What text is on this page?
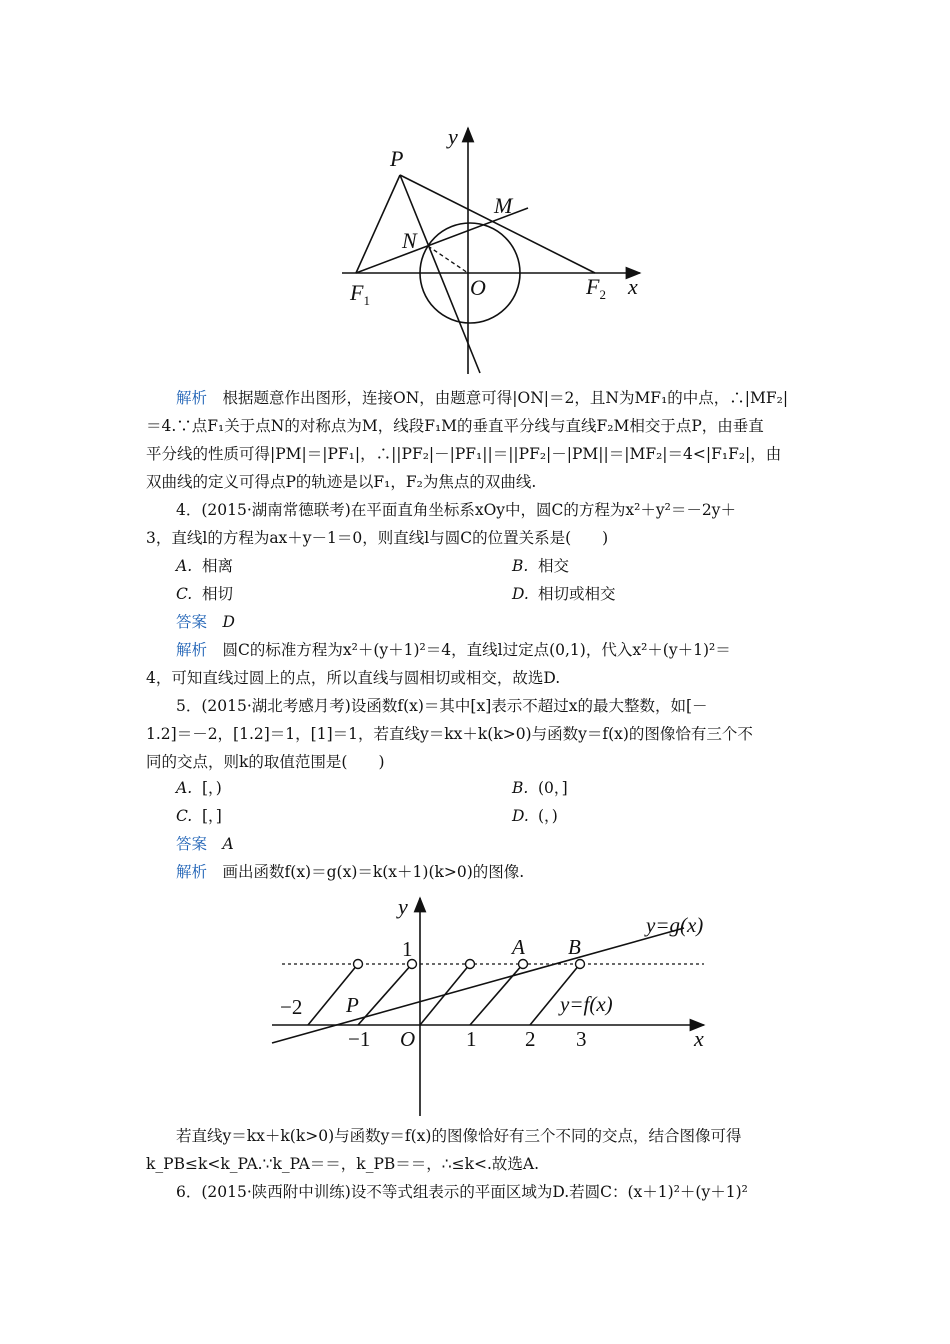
y
P
M
N
O	x
$F_1$
$F_2$

解析　 根据题意作出图形，连接ON，由题意可得|ON|＝2，且N为MF₁的中点，∴|MF₂|
＝4.∵点F₁关于点N的对称点为M，线段F₁M的垂直平分线与直线F₂M相交于点P，由垂直
平分线的性质可得|PM|＝|PF₁|，∴||PF₂|－|PF₁||＝||PF₂|－|PM||＝|MF₂|＝4<|F₁F₂|，由
双曲线的定义可得点P的轨迹是以F₁，F₂为焦点的双曲线.

4．(2015·湖南常德联考)在平面直角坐标系xOy中，圆C的方程为x²＋y²＝－2y＋
3，直线l的方程为ax＋y－1＝0，则直线l与圆C的位置关系是(　　)

A. 相离	B. 相交
C. 相切	D. 相切或相交
答案　 D

解析　 圆C的标准方程为x²＋(y＋1)²＝4，直线l过定点(0,1)，代入x²＋(y＋1)²＝
4，可知直线过圆上的点，所以直线与圆相切或相交，故选D.

5．(2015·湖北考感月考)设函数f(x)＝其中[x]表示不超过x的最大整数，如[－
1.2]＝－2，[1.2]＝1，[1]＝1，若直线y＝kx＋k(k>0)与函数y＝f(x)的图像恰有三个不
同的交点，则k的取值范围是(　　)

A. [，)	B. (0，]
C. [，]	D. (，)
答案　 A
解析　 画出函数f(x)＝g(x)＝k(x＋1)(k>0)的图像.
y
1	A B
y=g(x)
y=f(x)
−2 P
−1 O 1 2 3	x

若直线y＝kx＋k(k>0)与函数y＝f(x)的图像恰好有三个不同的交点，结合图像可得
k_PB≤k<k_PA.∵k_PA＝＝，k_PB＝＝，∴≤k<.故选A.

6．(2015·陕西附中训练)设不等式组表示的平面区域为D.若圆C：(x＋1)²＋(y＋1)²
